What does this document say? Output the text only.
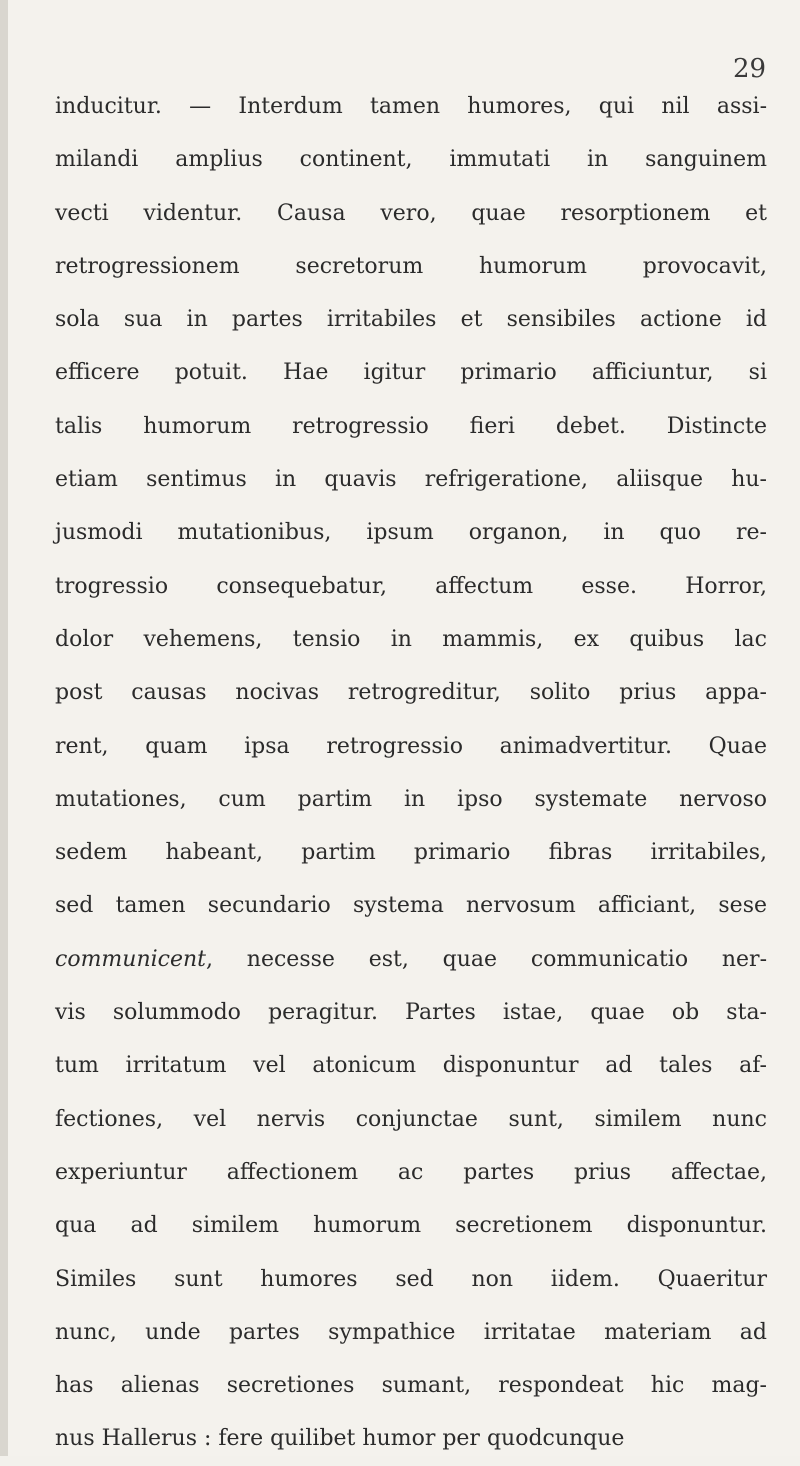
29
inducitur. — Interdum tamen humores, qui nil assi-
milandi amplius continent, immutati in sanguinem
vecti videntur. Causa vero, quae resorptionem et
retrogressionem secretorum humorum provocavit,
sola sua in partes irritabiles et sensibiles actione id
efficere potuit. Hae igitur primario afficiuntur, si
talis humorum retrogressio fieri debet. Distincte
etiam sentimus in quavis refrigeratione, aliisque hu-
jusmodi mutationibus, ipsum organon, in quo re-
trogressio consequebatur, affectum esse. Horror,
dolor vehemens, tensio in mammis, ex quibus lac
post causas nocivas retrogreditur, solito prius appa-
rent, quam ipsa retrogressio animadvertitur. Quae
mutationes, cum partim in ipso systemate nervoso
sedem habeant, partim primario fibras irritabiles,
sed tamen secundario systema nervosum afficiant, sese
communicent, necesse est, quae communicatio ner-
vis solummodo peragitur. Partes istae, quae ob sta-
tum irritatum vel atonicum disponuntur ad tales af-
fectiones, vel nervis conjunctae sunt, similem nunc
experiuntur affectionem ac partes prius affectae,
qua ad similem humorum secretionem disponuntur.
Similes sunt humores sed non iidem. Quaeritur
nunc, unde partes sympathice irritatae materiam ad
has alienas secretiones sumant, respondeat hic mag-
nus Hallerus : fere quilibet humor per quodcunque
